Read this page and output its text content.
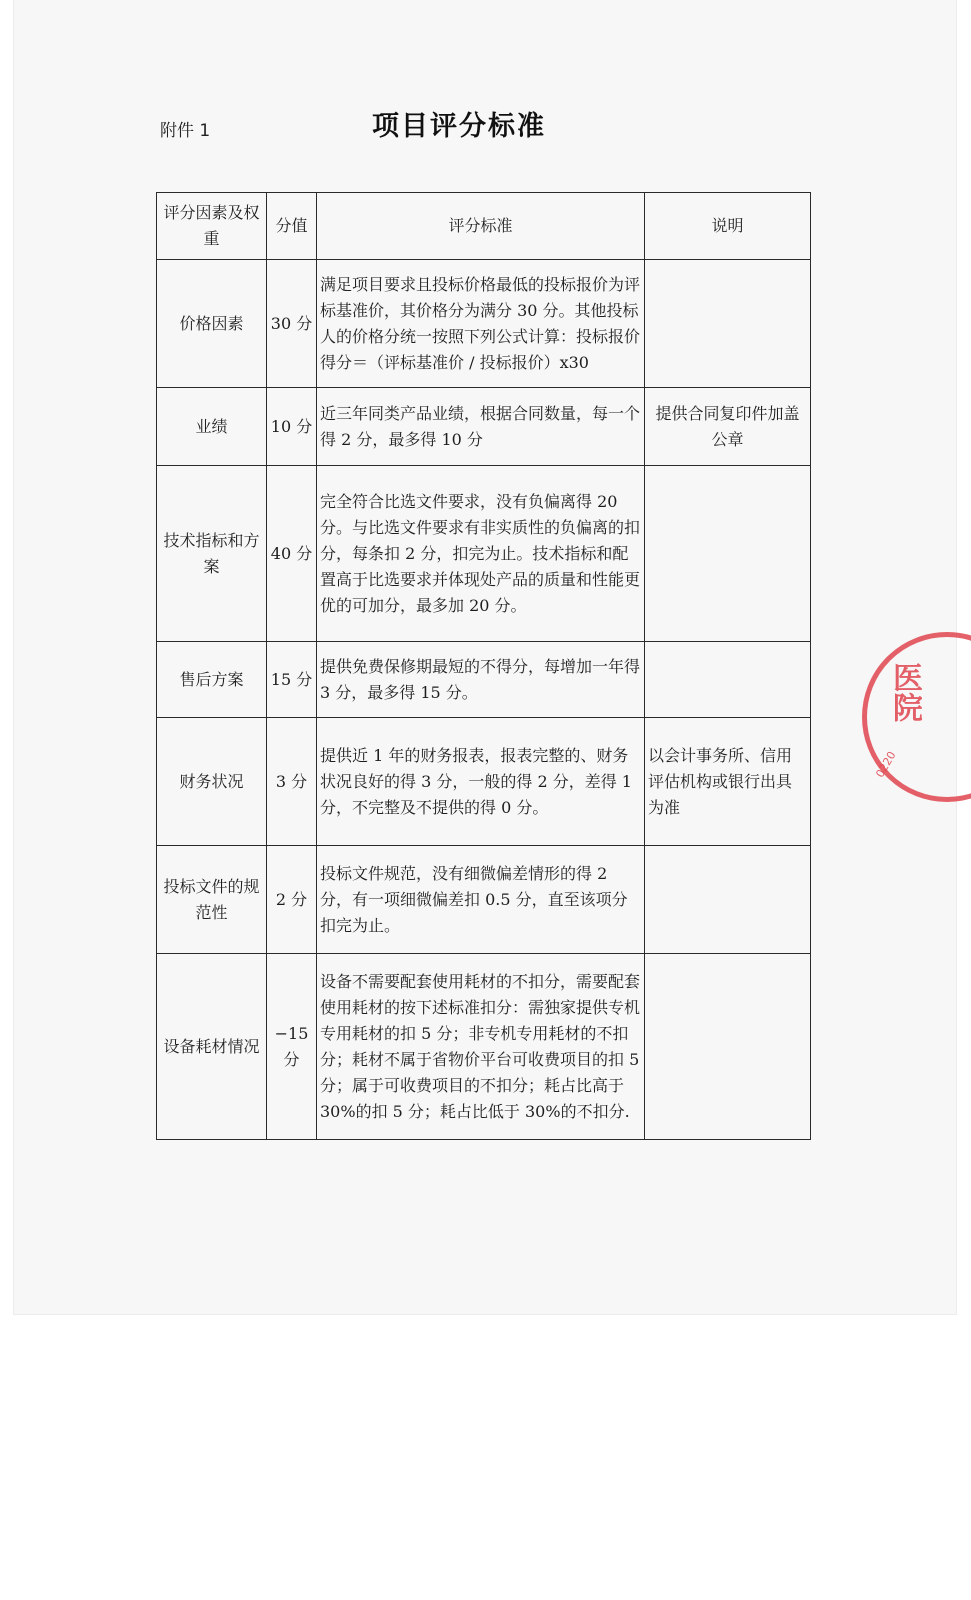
附件 1	项目评分标准
评分因素及权重	分值	评分标准	说明
价格因素	30 分	满足项目要求且投标价格最低的投标报价为评标基准价，其价格分为满分 30 分。其他投标人的价格分统一按照下列公式计算：投标报价得分＝（评标基准价 / 投标报价）x30	
业绩	10 分	近三年同类产品业绩，根据合同数量，每一个得 2 分，最多得 10 分	提供合同复印件加盖公章
技术指标和方案	40 分	完全符合比选文件要求，没有负偏离得 20 分。与比选文件要求有非实质性的负偏离的扣分，每条扣 2 分，扣完为止。技术指标和配置高于比选要求并体现处产品的质量和性能更优的可加分，最多加 20 分。	
售后方案	15 分	提供免费保修期最短的不得分，每增加一年得 3 分，最多得 15 分。	
财务状况	3 分	提供近 1 年的财务报表，报表完整的、财务状况良好的得 3 分，一般的得 2 分，差得 1 分，不完整及不提供的得 0 分。	以会计事务所、信用评估机构或银行出具为准
投标文件的规范性	2 分	投标文件规范，没有细微偏差情形的得 2 分，有一项细微偏差扣 0.5 分，直至该项分扣完为止。	
设备耗材情况	−15 分	设备不需要配套使用耗材的不扣分，需要配套使用耗材的按下述标准扣分：需独家提供专机专用耗材的扣 5 分；非专机专用耗材的不扣分；耗材不属于省物价平台可收费项目的扣 5 分；属于可收费项目的不扣分；耗占比高于 30%的扣 5 分；耗占比低于 30%的不扣分.	
医院
0220
